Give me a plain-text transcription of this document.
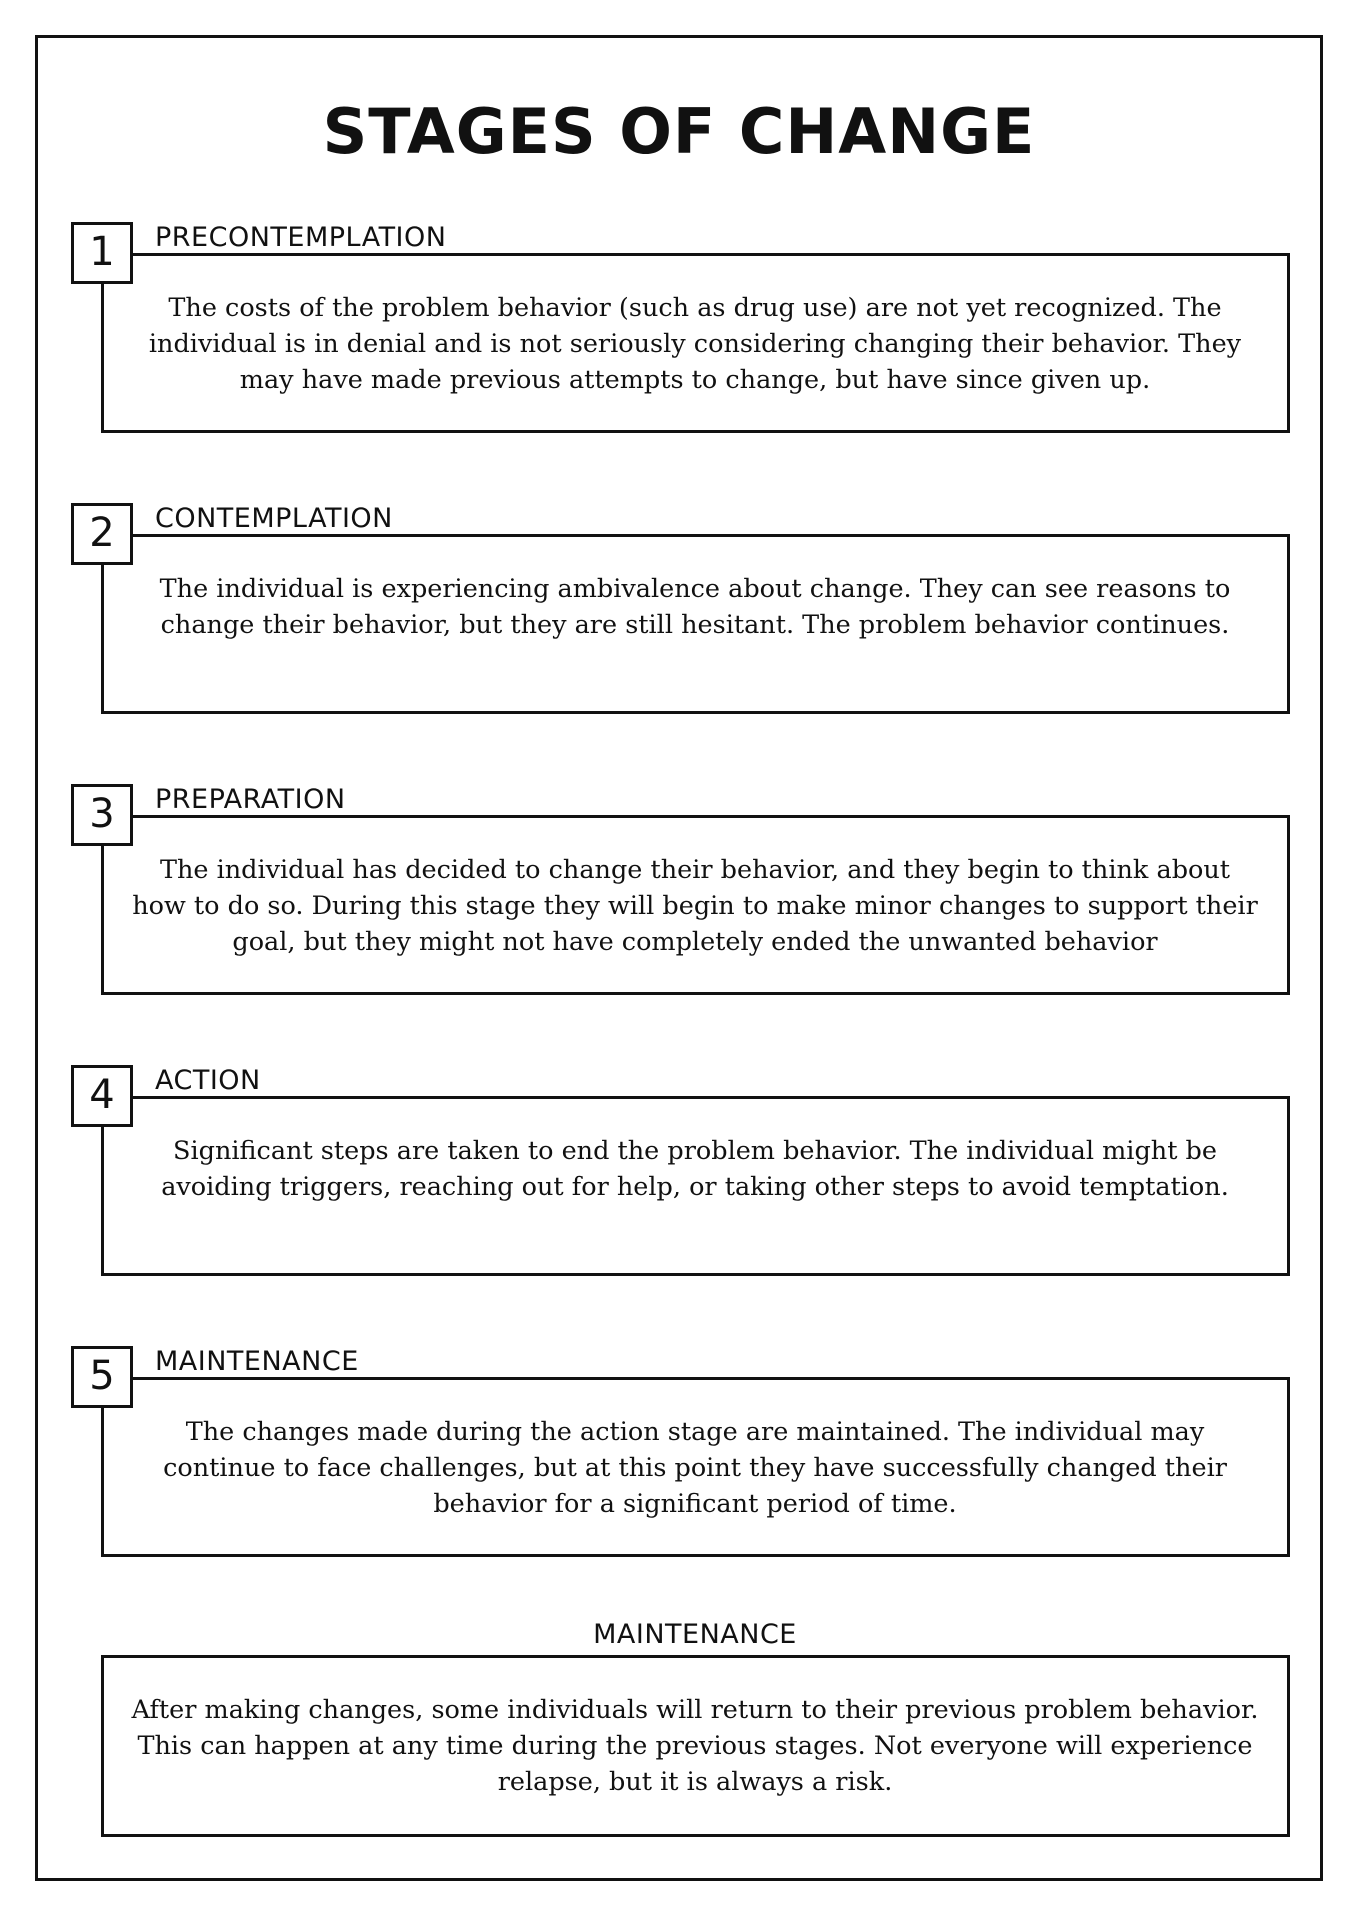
STAGES OF CHANGE
1	PRECONTEMPLATION
The costs of the problem behavior (such as drug use) are not yet recognized. The individual is in denial and is not seriously considering changing their behavior. They may have made previous attempts to change, but have since given up.
2	CONTEMPLATION
The individual is experiencing ambivalence about change. They can see reasons to change their behavior, but they are still hesitant. The problem behavior continues.
3	PREPARATION
The individual has decided to change their behavior, and they begin to think about how to do so. During this stage they will begin to make minor changes to support their goal, but they might not have completely ended the unwanted behavior
4	ACTION
Significant steps are taken to end the problem behavior. The individual might be avoiding triggers, reaching out for help, or taking other steps to avoid temptation.
5	MAINTENANCE
The changes made during the action stage are maintained. The individual may continue to face challenges, but at this point they have successfully changed their behavior for a significant period of time.
MAINTENANCE
After making changes, some individuals will return to their previous problem behavior. This can happen at any time during the previous stages. Not everyone will experience relapse, but it is always a risk.
